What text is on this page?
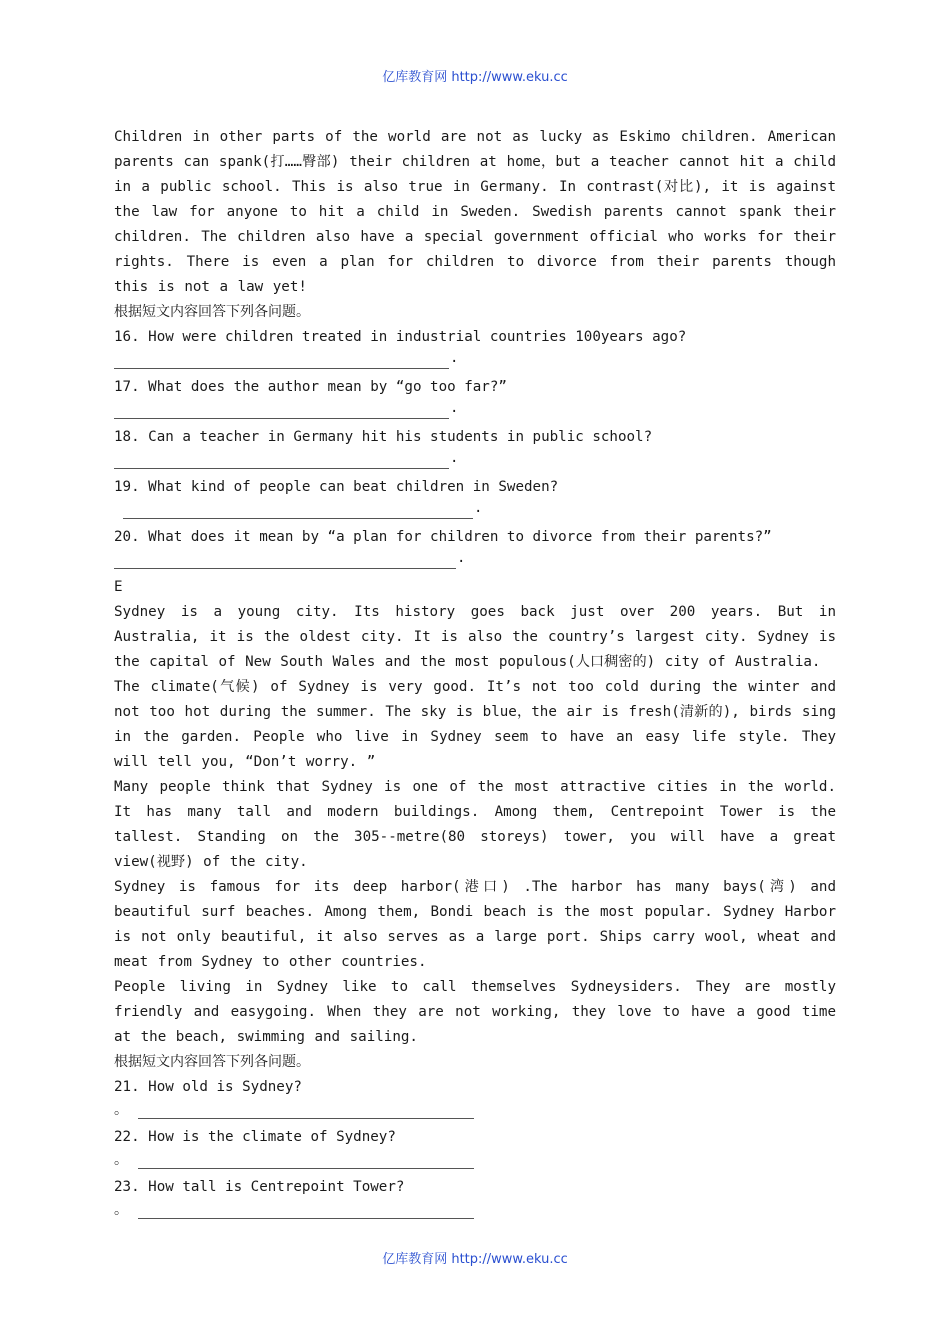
亿库教育网 http://www.eku.cc

Children in other parts of the world are not as lucky as Eskimo children. American parents can spank(打……臀部) their children at home，but a teacher cannot hit a child in a public school. This is also true in Germany. In contrast(对比), it is against the law for anyone to hit a child in Sweden. Swedish parents cannot spank their children. The children also have a special government official who works for their rights. There is even a plan for children to divorce from their parents though this is not a law yet!

根据短文内容回答下列各问题。

16. How were children treated in industrial countries 100years ago?

.

17. What does the author mean by “go too far?”

.

18. Can a teacher in Germany hit his students in public school?

.

19. What kind of people can beat children in Sweden?

.

20. What does it mean by “a plan for children to divorce from their parents?”

.

E

Sydney is a young city. Its history goes back just over 200 years. But in Australia, it is the oldest city. It is also the country’s largest city. Sydney is the capital of New South Wales and the most populous(人口稠密的) city of Australia.

The climate(气候) of Sydney is very good. It’s not too cold during the winter and not too hot during the summer. The sky is blue，the air is fresh(清新的), birds sing in the garden. People who live in Sydney seem to have an easy life style. They will tell you, “Don’t worry. ”

Many people think that Sydney is one of the most attractive cities in the world. It has many tall and modern buildings. Among them, Centrepoint Tower is the tallest. Standing on the 305--metre(80 storeys) tower, you will have a great view(视野) of the city.

Sydney is famous for its deep harbor(港口) .The harbor has many bays(湾) and beautiful surf beaches. Among them, Bondi beach is the most popular. Sydney Harbor is not only beautiful, it also serves as a large port. Ships carry wool, wheat and meat from Sydney to other countries.

People living in Sydney like to call themselves Sydneysiders. They are mostly friendly and easygoing. When they are not working, they love to have a good time at the beach, swimming and sailing.

根据短文内容回答下列各问题。

21. How old is Sydney?

。

22. How is the climate of Sydney?

。

23. How tall is Centrepoint Tower?

。
亿库教育网 http://www.eku.cc
